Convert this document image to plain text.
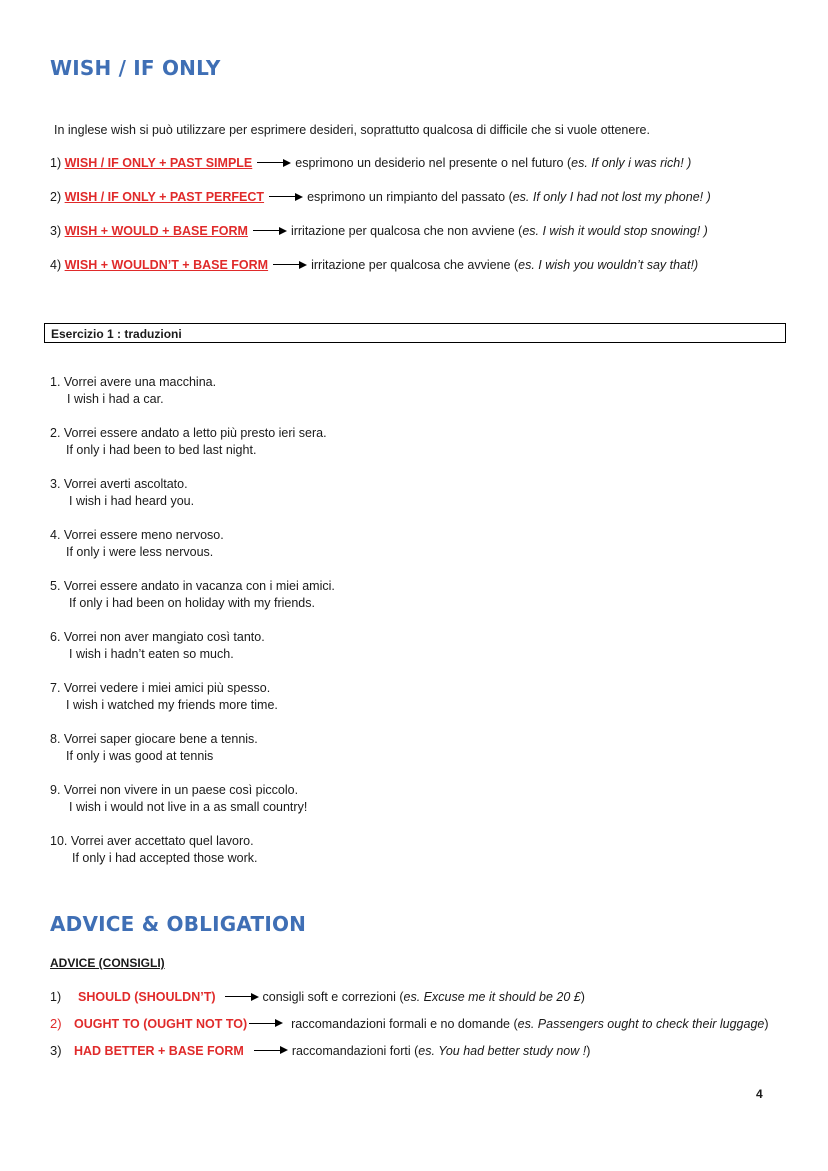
WISH / IF ONLY
In inglese wish si può utilizzare per esprimere desideri, soprattutto qualcosa di difficile che si vuole ottenere.
1)
WISH / IF ONLY + PAST SIMPLE	esprimono un desiderio nel presente o nel futuro ( es. If only i was rich! )
2)
WISH / IF ONLY + PAST PERFECT	esprimono un rimpianto del passato ( es. If only I had not lost my phone! )
3)
WISH + WOULD + BASE FORM	irritazione per qualcosa che non avviene ( es. I wish it would stop snowing! )
4)
WISH + WOULDN’T + BASE FORM	irritazione per qualcosa che avviene ( es. I wish you wouldn’t say that!)
Esercizio 1 : traduzioni
1. Vorrei avere una macchina.
I wish i had a car.
2. Vorrei essere andato a letto più presto ieri sera.
If only i had been to bed last night.
3. Vorrei averti ascoltato.
I wish i had heard you.
4. Vorrei essere meno nervoso.
If only i were less nervous.
5. Vorrei essere andato in vacanza con i miei amici.
If only i had been on holiday with my friends.
6. Vorrei non aver mangiato così tanto.
I wish i hadn’t eaten so much.
7. Vorrei vedere i miei amici più spesso.
I wish i watched my friends more time.
8. Vorrei saper giocare bene a tennis.
If only i was good at tennis
9. Vorrei non vivere in un paese così piccolo.
I wish i would not live in a as small country!
10. Vorrei aver accettato quel lavoro.
If only i had accepted those work.
ADVICE & OBLIGATION
ADVICE (CONSIGLI)
1)	SHOULD (SHOULDN’T)	consigli soft e correzioni ( es. Excuse me it should be 20 £ )
2) OUGHT TO (OUGHT NOT TO)	raccomandazioni formali e no domande ( es. Passengers ought to check their luggage )
3) HAD BETTER + BASE FORM	raccomandazioni forti ( es. You had better study now ! )
4
